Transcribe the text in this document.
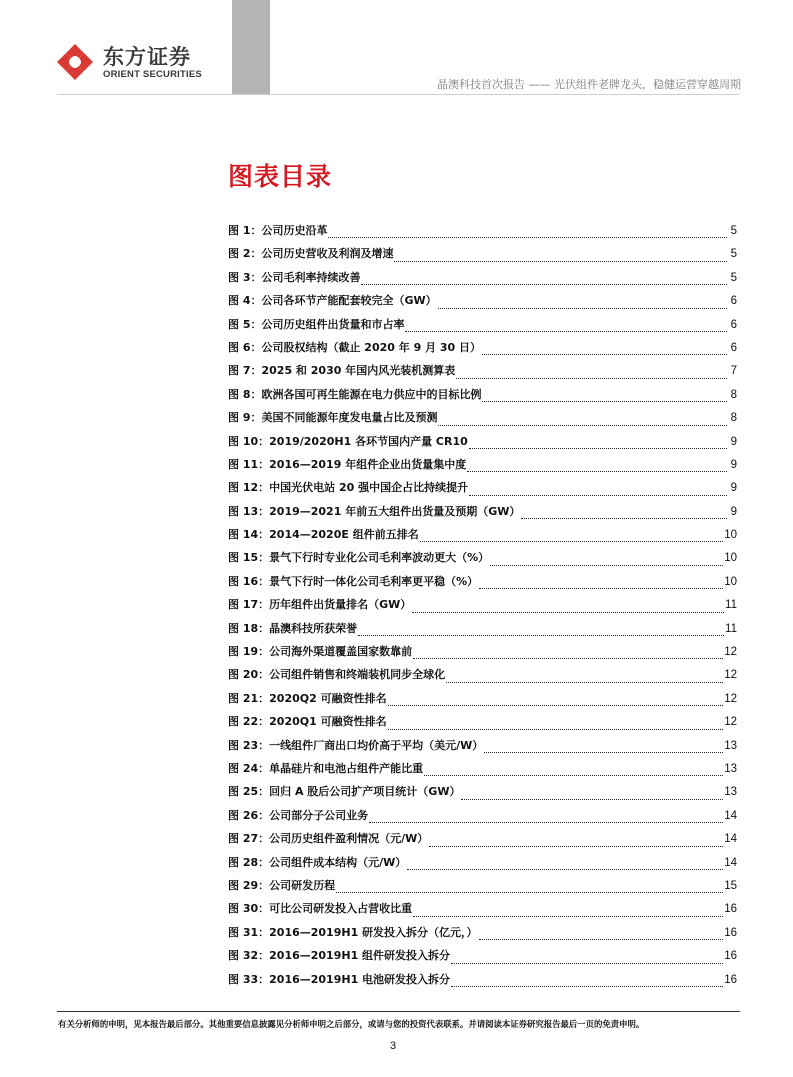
东方证券
ORIENT SECURITIES
晶澳科技首次报告 —— 光伏组件老牌龙头，稳健运营穿越周期
图表目录
图 1：公司历史沿革	5
图 2：公司历史营收及利润及增速	5
图 3：公司毛利率持续改善	5
图 4：公司各环节产能配套较完全（GW）	6
图 5：公司历史组件出货量和市占率	6
图 6：公司股权结构（截止 2020 年 9 月 30 日）	6
图 7：2025 和 2030 年国内风光装机测算表	7
图 8：欧洲各国可再生能源在电力供应中的目标比例	8
图 9：美国不同能源年度发电量占比及预测	8
图 10：2019/2020H1 各环节国内产量 CR10	9
图 11：2016—2019 年组件企业出货量集中度	9
图 12：中国光伏电站 20 强中国企占比持续提升	9
图 13：2019—2021 年前五大组件出货量及预期（GW）	9
图 14：2014—2020E 组件前五排名	10
图 15：景气下行时专业化公司毛利率波动更大（%）	10
图 16：景气下行时一体化公司毛利率更平稳（%）	10
图 17：历年组件出货量排名（GW）	11
图 18：晶澳科技所获荣誉	11
图 19：公司海外渠道覆盖国家数靠前	12
图 20：公司组件销售和终端装机同步全球化	12
图 21：2020Q2 可融资性排名	12
图 22：2020Q1 可融资性排名	12
图 23：一线组件厂商出口均价高于平均（美元/W）	13
图 24：单晶硅片和电池占组件产能比重	13
图 25：回归 A 股后公司扩产项目统计（GW）	13
图 26：公司部分子公司业务	14
图 27：公司历史组件盈利情况（元/W）	14
图 28：公司组件成本结构（元/W）	14
图 29：公司研发历程	15
图 30：可比公司研发投入占营收比重	16
图 31：2016—2019H1 研发投入拆分（亿元，）	16
图 32：2016—2019H1 组件研发投入拆分	16
图 33：2016—2019H1 电池研发投入拆分	16
有关分析师的申明，见本报告最后部分。其他重要信息披露见分析师申明之后部分，或请与您的投资代表联系。并请阅读本证券研究报告最后一页的免责申明。
3
